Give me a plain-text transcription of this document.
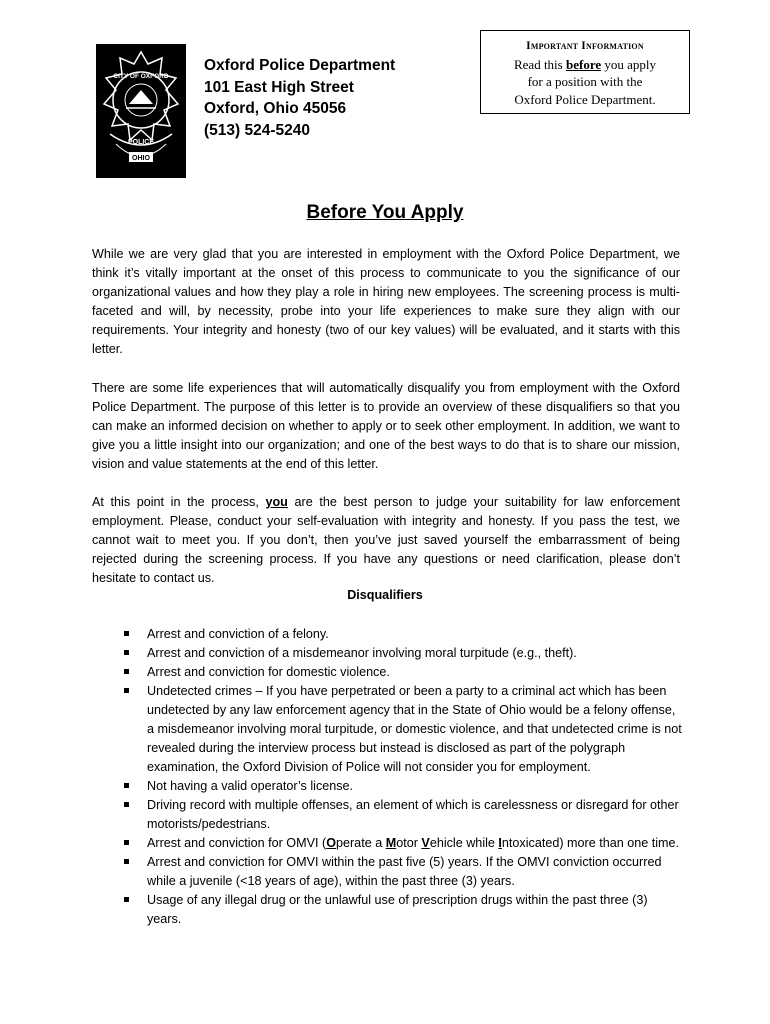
OHIO
CITY OF OXFORD
POLICE
Oxford Police Department
101 East High Street
Oxford, Ohio 45056
(513) 524-5240
Important Information
Read this before you apply
for a position with the
Oxford Police Department.
Before You Apply

While we are very glad that you are interested in employment with the Oxford Police Department, we think it’s vitally important at the onset of this process to communicate to you the significance of our organizational values and how they play a role in hiring new employees. The screening process is multi-faceted and will, by necessity, probe into your life experiences to make sure they align with our requirements. Your integrity and honesty (two of our key values) will be evaluated, and it starts with this letter.

There are some life experiences that will automatically disqualify you from employment with the Oxford Police Department. The purpose of this letter is to provide an overview of these disqualifiers so that you can make an informed decision on whether to apply or to seek other employment. In addition, we want to give you a little insight into our organization; and one of the best ways to do that is to share our mission, vision and value statements at the end of this letter.

At this point in the process, you are the best person to judge your suitability for law enforcement employment. Please, conduct your self-evaluation with integrity and honesty. If you pass the test, we cannot wait to meet you. If you don’t, then you’ve just saved yourself the embarrassment of being rejected during the screening process. If you have any questions or need clarification, please don’t hesitate to contact us.

Disqualifiers
Arrest and conviction of a felony.
Arrest and conviction of a misdemeanor involving moral turpitude (e.g., theft).
Arrest and conviction for domestic violence.
Undetected crimes – If you have perpetrated or been a party to a criminal act which has been undetected by any law enforcement agency that in the State of Ohio would be a felony offense, a misdemeanor involving moral turpitude, or domestic violence, and that undetected crime is not revealed during the interview process but instead is disclosed as part of the polygraph examination, the Oxford Division of Police will not consider you for employment.
Not having a valid operator’s license.
Driving record with multiple offenses, an element of which is carelessness or disregard for other motorists/pedestrians.
Arrest and conviction for OMVI (Operate a Motor Vehicle while Intoxicated) more than one time.
Arrest and conviction for OMVI within the past five (5) years. If the OMVI conviction occurred while a juvenile (<18 years of age), within the past three (3) years.
Usage of any illegal drug or the unlawful use of prescription drugs within the past three (3) years.
